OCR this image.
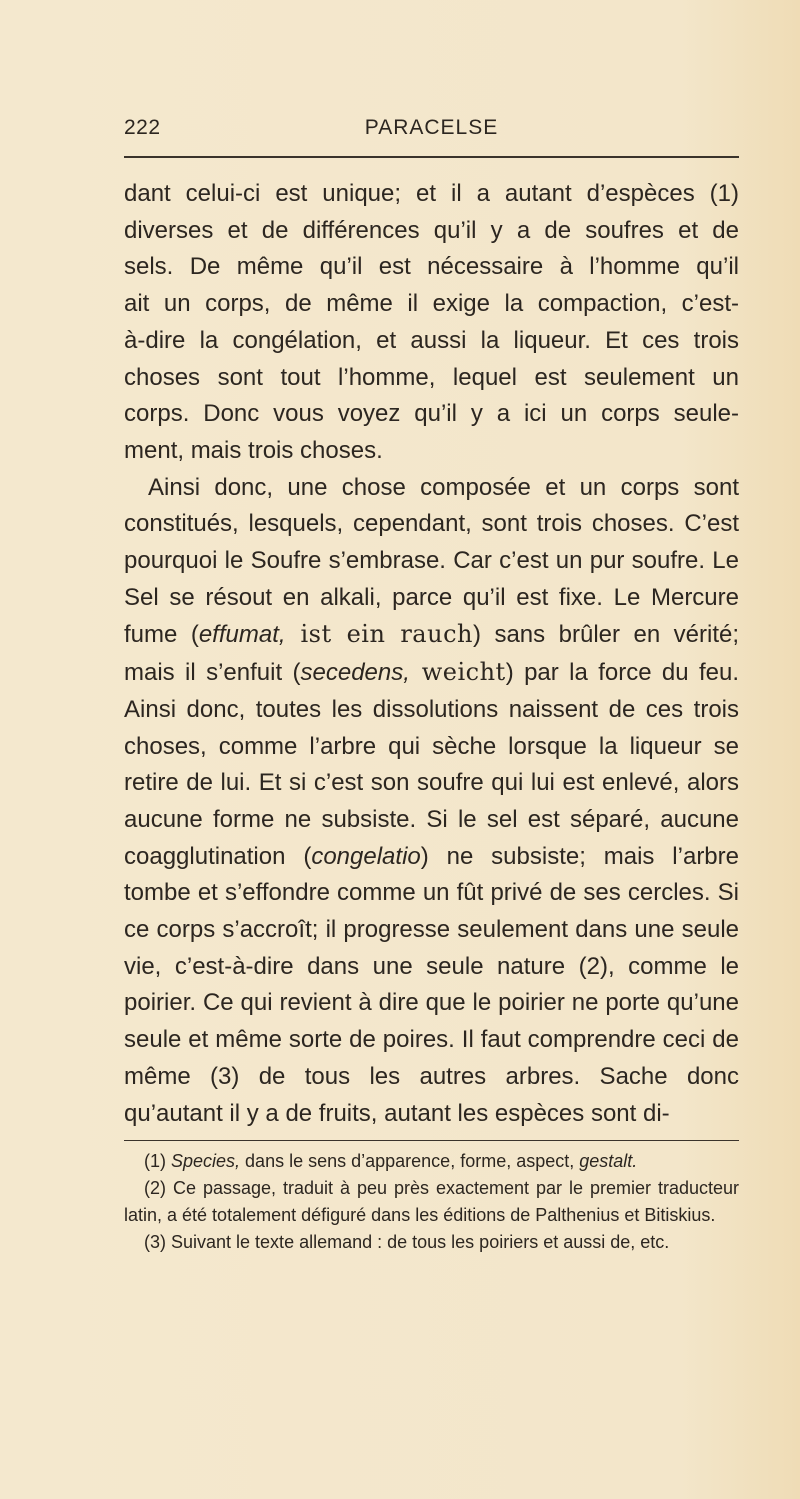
222	PARACELSE

dant celui-ci est unique; et il a autant d’espèces (1)
diverses et de différences qu’il y a de soufres et de
sels. De même qu’il est nécessaire à l’homme qu’il
ait un corps, de même il exige la compaction, c’est-
à-dire la congélation, et aussi la liqueur. Et ces trois
choses sont tout l’homme, lequel est seulement un
corps. Donc vous voyez qu’il y a ici un corps seule-
ment, mais trois choses.

Ainsi donc, une chose composée et un corps sont constitués, lesquels, cependant, sont trois choses. C’est pourquoi le Soufre s’embrase. Car c’est un pur soufre. Le Sel se résout en alkali, parce qu’il est fixe. Le Mercure fume (effumat, ist ein rauch) sans brûler en vérité; mais il s’enfuit (secedens, weicht) par la force du feu. Ainsi donc, toutes les dissolutions naissent de ces trois choses, comme l’arbre qui sèche lorsque la liqueur se retire de lui. Et si c’est son soufre qui lui est enlevé, alors aucune forme ne subsiste. Si le sel est séparé, aucune coagglutination (congelatio) ne subsiste; mais l’arbre tombe et s’effondre comme un fût privé de ses cercles. Si ce corps s’accroît; il progresse seulement dans une seule vie, c’est-à-dire dans une seule nature (2), comme le poirier. Ce qui revient à dire que le poirier ne porte qu’une seule et même sorte de poires. Il faut comprendre ceci de même (3) de tous les autres arbres. Sache donc qu’autant il y a de fruits, autant les espèces sont di-

(1) Species, dans le sens d’apparence, forme, aspect, gestalt.

(2) Ce passage, traduit à peu près exactement par le premier traducteur latin, a été totalement défiguré dans les éditions de Palthenius et Bitiskius.

(3) Suivant le texte allemand : de tous les poiriers et aussi de, etc.
